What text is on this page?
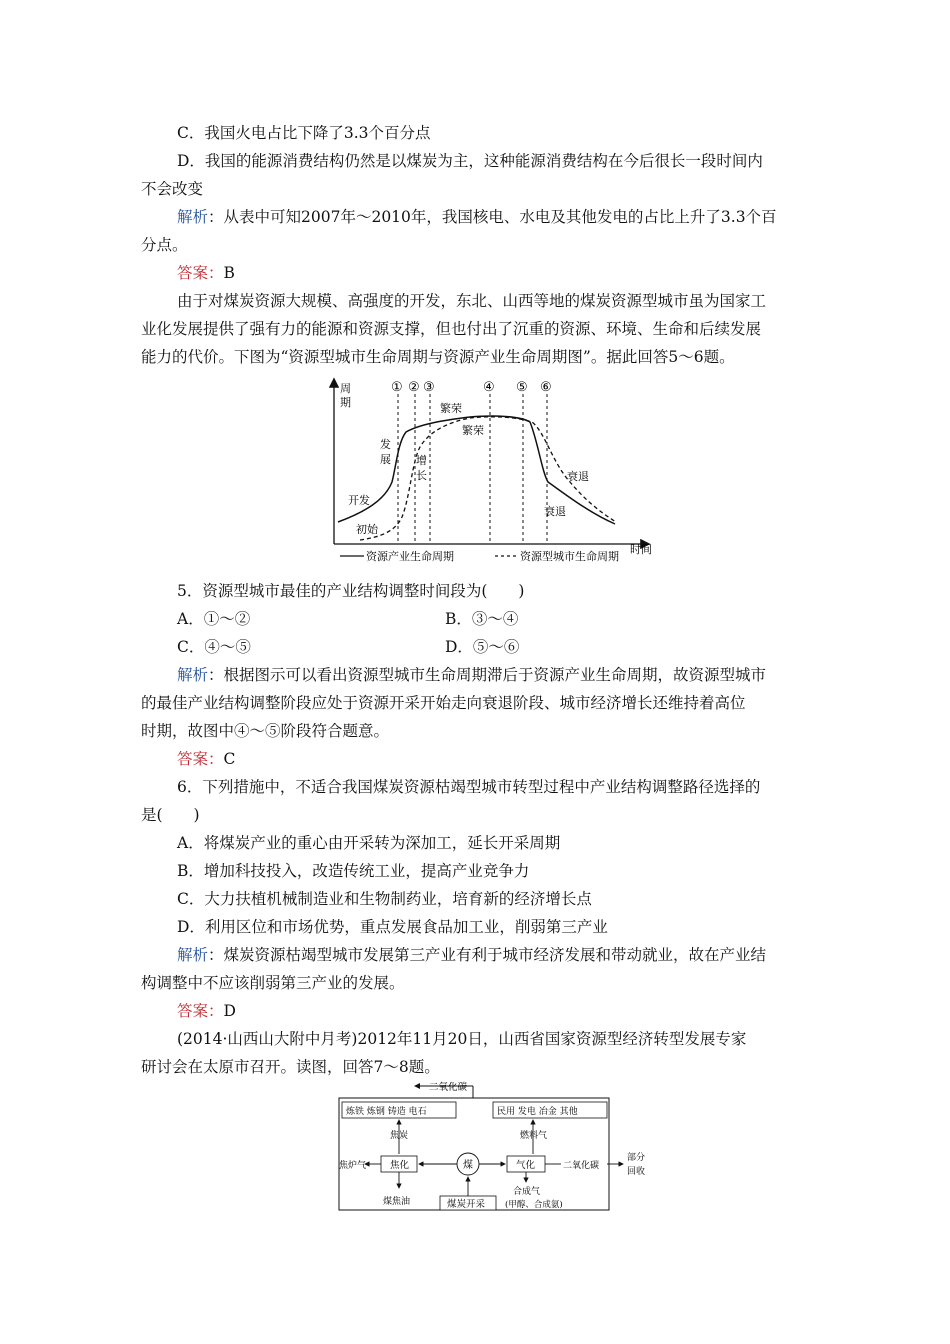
C．我国火电占比下降了3.3个百分点
D．我国的能源消费结构仍然是以煤炭为主，这种能源消费结构在今后很长一段时间内
不会改变
解析：从表中可知2007年～2010年，我国核电、水电及其他发电的占比上升了3.3个百
分点。
答案：B
由于对煤炭资源大规模、高强度的开发，东北、山西等地的煤炭资源型城市虽为国家工
业化发展提供了强有力的能源和资源支撑，但也付出了沉重的资源、环境、生命和后续发展
能力的代价。下图为“资源型城市生命周期与资源产业生命周期图”。据此回答5～6题。
周
期
时间
① ② ③	④ ⑤ ⑥
发
展 增
长
开发
初始
繁荣
繁荣
衰退
衰退
资源产业生命周期	资源型城市生命周期
5．资源型城市最佳的产业结构调整时间段为(　　)
A．①～②	B．③～④
C．④～⑤	D．⑤～⑥
解析：根据图示可以看出资源型城市生命周期滞后于资源产业生命周期，故资源型城市
的最佳产业结构调整阶段应处于资源开采开始走向衰退阶段、城市经济增长还维持着高位
时期，故图中④～⑤阶段符合题意。
答案：C
6．下列措施中，不适合我国煤炭资源枯竭型城市转型过程中产业结构调整路径选择的
是(　　)
A．将煤炭产业的重心由开采转为深加工，延长开采周期
B．增加科技投入，改造传统工业，提高产业竞争力
C．大力扶植机械制造业和生物制药业，培育新的经济增长点
D．利用区位和市场优势，重点发展食品加工业，削弱第三产业
解析：煤炭资源枯竭型城市发展第三产业有利于城市经济发展和带动就业，故在产业结
构调整中不应该削弱第三产业的发展。
答案：D
(2014·山西山大附中月考)2012年11月20日，山西省国家资源型经济转型发展专家
研讨会在太原市召开。读图，回答7～8题。
二氧化碳
炼铁 炼钢 铸造 电石	民用 发电 冶金 其他
焦炭	燃料气
焦化
焦炉气	煤	气化	二氧化碳
部分
回收
煤焦油
合成气
(甲醇、合成氨)
煤炭开采
